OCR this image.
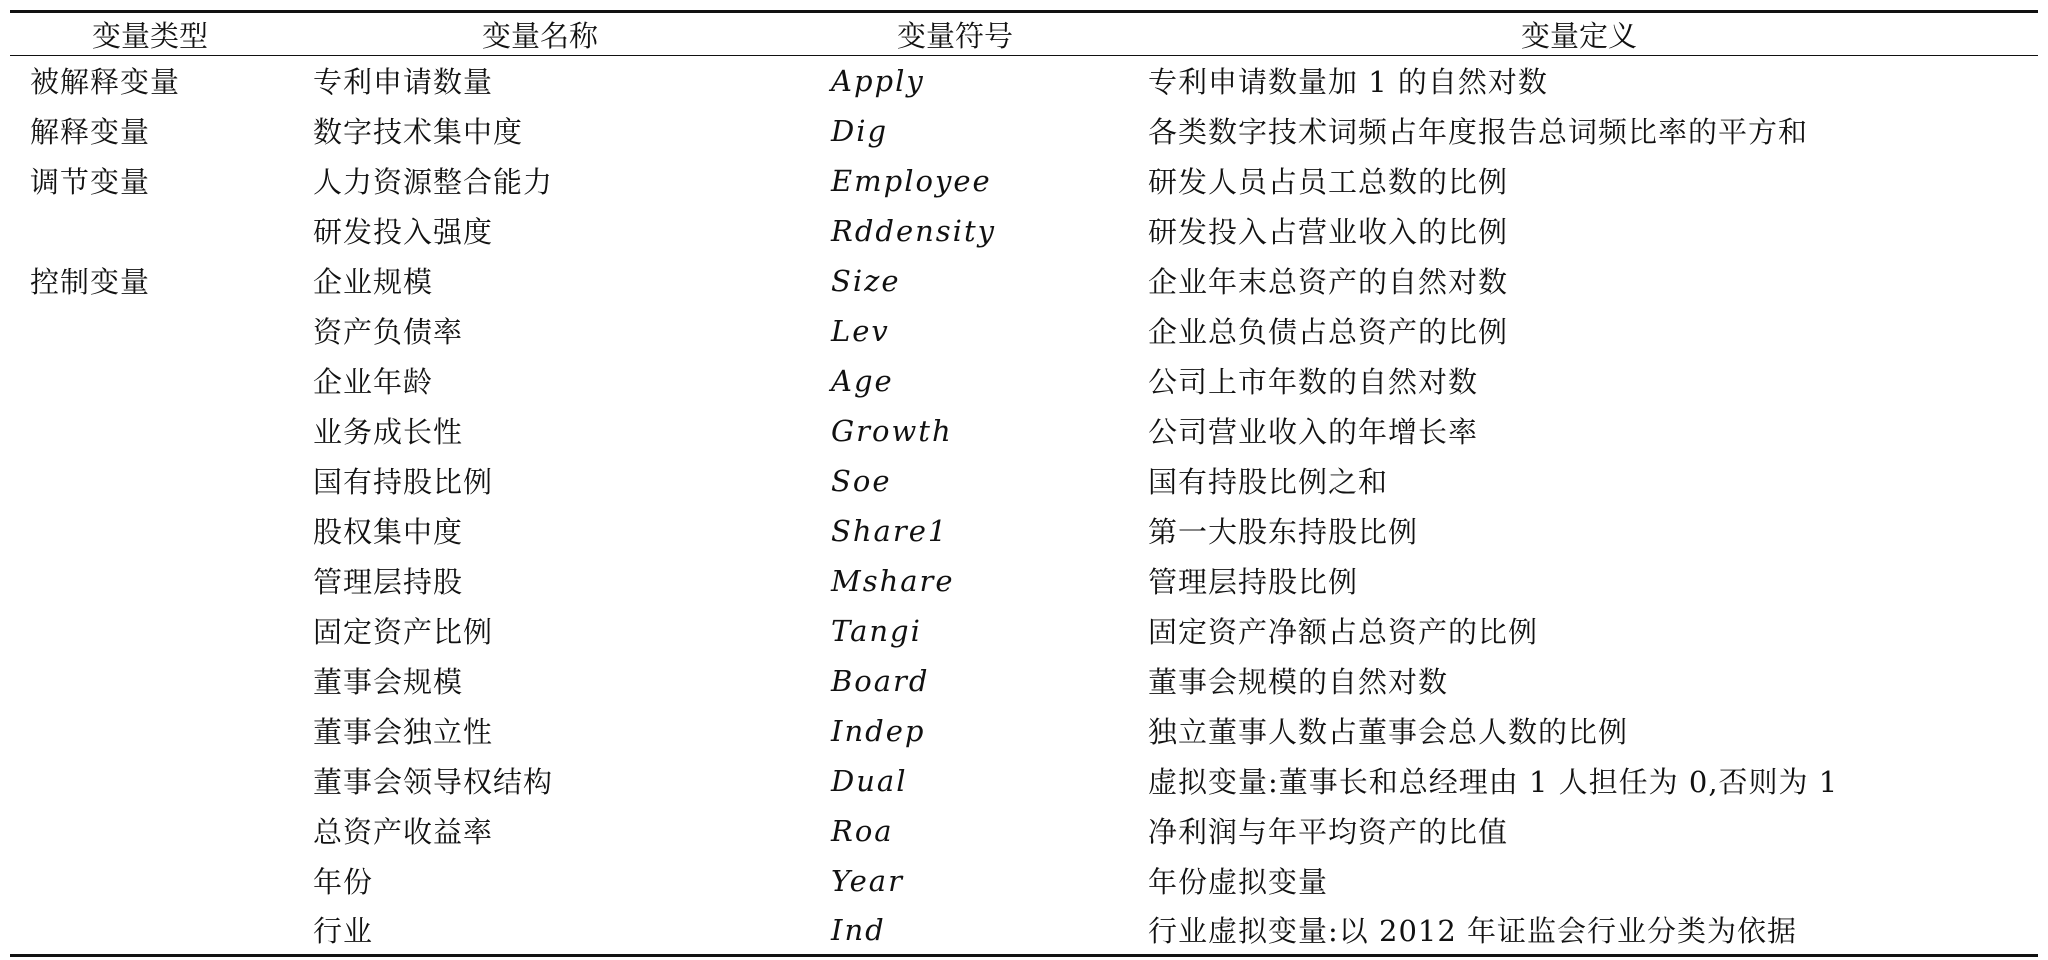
变量类型	变量名称	变量符号	变量定义
被解释变量	专利申请数量	Apply	专利申请数量加 1 的自然对数
解释变量	数字技术集中度	Dig	各类数字技术词频占年度报告总词频比率的平方和
调节变量	人力资源整合能力	Employee	研发人员占员工总数的比例
	研发投入强度	Rddensity	研发投入占营业收入的比例
控制变量	企业规模	Size	企业年末总资产的自然对数
	资产负债率	Lev	企业总负债占总资产的比例
	企业年龄	Age	公司上市年数的自然对数
	业务成长性	Growth	公司营业收入的年增长率
	国有持股比例	Soe	国有持股比例之和
	股权集中度	Share1	第一大股东持股比例
	管理层持股	Mshare	管理层持股比例
	固定资产比例	Tangi	固定资产净额占总资产的比例
	董事会规模	Board	董事会规模的自然对数
	董事会独立性	Indep	独立董事人数占董事会总人数的比例
	董事会领导权结构	Dual	虚拟变量:董事长和总经理由 1 人担任为 0,否则为 1
	总资产收益率	Roa	净利润与年平均资产的比值
	年份	Year	年份虚拟变量
	行业	Ind	行业虚拟变量:以 2012 年证监会行业分类为依据
